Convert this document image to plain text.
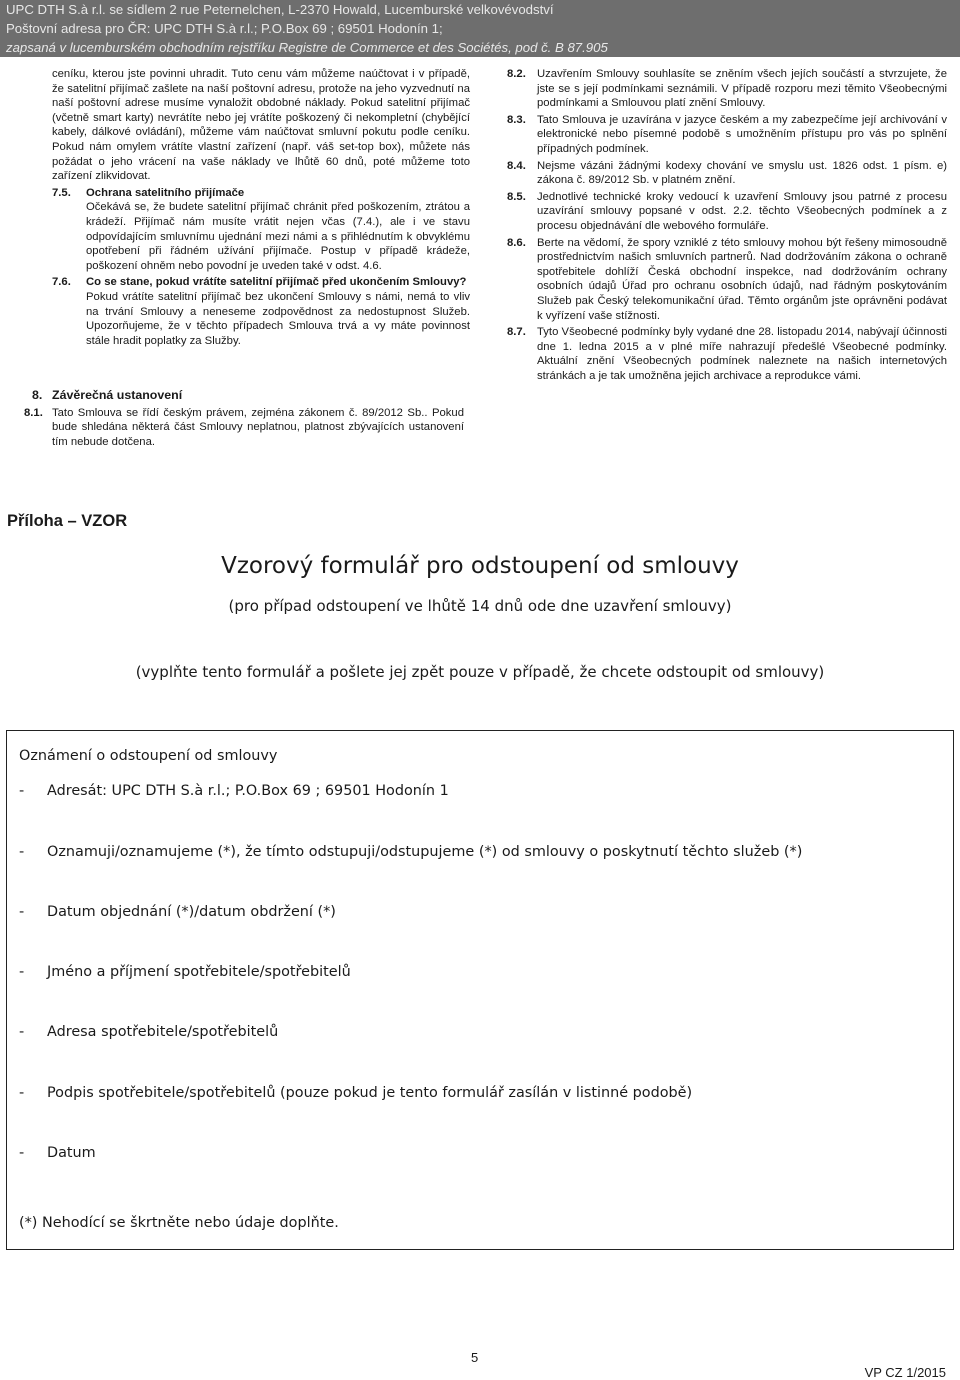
UPC DTH S.à r.l. se sídlem 2 rue Peternelchen, L-2370 Howald, Lucemburské velkovévodství
Poštovní adresa pro ČR: UPC DTH S.à r.l.; P.O.Box 69 ; 69501 Hodonín 1;
zapsaná v lucemburském obchodním rejstříku Registre de Commerce et des Sociétés, pod č. B 87.905

ceníku, kterou jste povinni uhradit. Tuto cenu vám můžeme naúčtovat i v případě, že satelitní přijímač zašlete na naší poštovní adresu, protože na jeho vyzvednutí na naší poštovní adrese musíme vynaložit obdobné náklady. Pokud satelitní přijímač (včetně smart karty) nevrátíte nebo jej vrátíte poškozený či nekompletní (chybějící kabely, dálkové ovládání), můžeme vám naúčtovat smluvní pokutu podle ceníku. Pokud nám omylem vrátíte vlastní zařízení (např. váš set-top box), můžete nás požádat o jeho vrácení na vaše náklady ve lhůtě 60 dnů, poté můžeme toto zařízení zlikvidovat.

7.5.	Ochrana satelitního přijímače
Očekává se, že budete satelitní přijímač chránit před poškozením, ztrátou a krádeží. Přijímač nám musíte vrátit nejen včas (7.4.), ale i ve stavu odpovídajícím smluvnímu ujednání mezi námi a s přihlédnutím k obvyklému opotřebení při řádném užívání přijímače. Postup v případě krádeže, poškození ohněm nebo povodní je uveden také v odst. 4.6.
7.6.	Co se stane, pokud vrátíte satelitní přijímač před ukončením Smlouvy?
Pokud vrátíte satelitní přijímač bez ukončení Smlouvy s námi, nemá to vliv na trvání Smlouvy a neneseme zodpovědnost za nedostupnost Služeb. Upozorňujeme, že v těchto případech Smlouva trvá a vy máte povinnost stále hradit poplatky za Služby.
8. Závěrečná ustanovení
8.1. Tato Smlouva se řídí českým právem, zejména zákonem č. 89/2012 Sb.. Pokud bude shledána některá část Smlouvy neplatnou, platnost zbývajících ustanovení tím nebude dotčena.
8.2. Uzavřením Smlouvy souhlasíte se zněním všech jejích součástí a stvrzujete, že jste se s její podmínkami seznámili. V případě rozporu mezi těmito Všeobecnými podmínkami a Smlouvou platí znění Smlouvy.
8.3. Tato Smlouva je uzavírána v jazyce českém a my zabezpečíme její archivování v elektronické nebo písemné podobě s umožněním přístupu pro vás po splnění případných podmínek.
8.4. Nejsme vázáni žádnými kodexy chování ve smyslu ust. 1826 odst. 1 písm. e) zákona č. 89/2012 Sb. v platném znění.
8.5. Jednotlivé technické kroky vedoucí k uzavření Smlouvy jsou patrné z procesu uzavírání smlouvy popsané v odst. 2.2. těchto Všeobecných podmínek a z procesu objednávání dle webového formuláře.
8.6. Berte na vědomí, že spory vzniklé z této smlouvy mohou být řešeny mimosoudně prostřednictvím našich smluvních partnerů. Nad dodržováním zákona o ochraně spotřebitele dohlíží Česká obchodní inspekce, nad dodržováním ochrany osobních údajů Úřad pro ochranu osobních údajů, nad řádným poskytováním Služeb pak Český telekomunikační úřad. Těmto orgánům jste oprávněni podávat k vyřízení vaše stížnosti.
8.7. Tyto Všeobecné podmínky byly vydané dne 28. listopadu 2014, nabývají účinnosti dne 1. ledna 2015 a v plné míře nahrazují předešlé Všeobecné podmínky. Aktuální znění Všeobecných podmínek naleznete na našich internetových stránkách a je tak umožněna jejich archivace a reprodukce vámi.
Příloha – VZOR
Vzorový formulář pro odstoupení od smlouvy
(pro případ odstoupení ve lhůtě 14 dnů ode dne uzavření smlouvy)
(vyplňte tento formulář a pošlete jej zpět pouze v případě, že chcete odstoupit od smlouvy)
Oznámení o odstoupení od smlouvy
- Adresát: UPC DTH S.à r.l.; P.O.Box 69 ; 69501 Hodonín 1
- Oznamuji/oznamujeme (*), že tímto odstupuji/odstupujeme (*) od smlouvy o poskytnutí těchto služeb (*)
- Datum objednání (*)/datum obdržení (*)
- Jméno a příjmení spotřebitele/spotřebitelů
- Adresa spotřebitele/spotřebitelů
- Podpis spotřebitele/spotřebitelů (pouze pokud je tento formulář zasílán v listinné podobě)
- Datum
(*) Nehodící se škrtněte nebo údaje doplňte.
5
VP CZ 1/2015
